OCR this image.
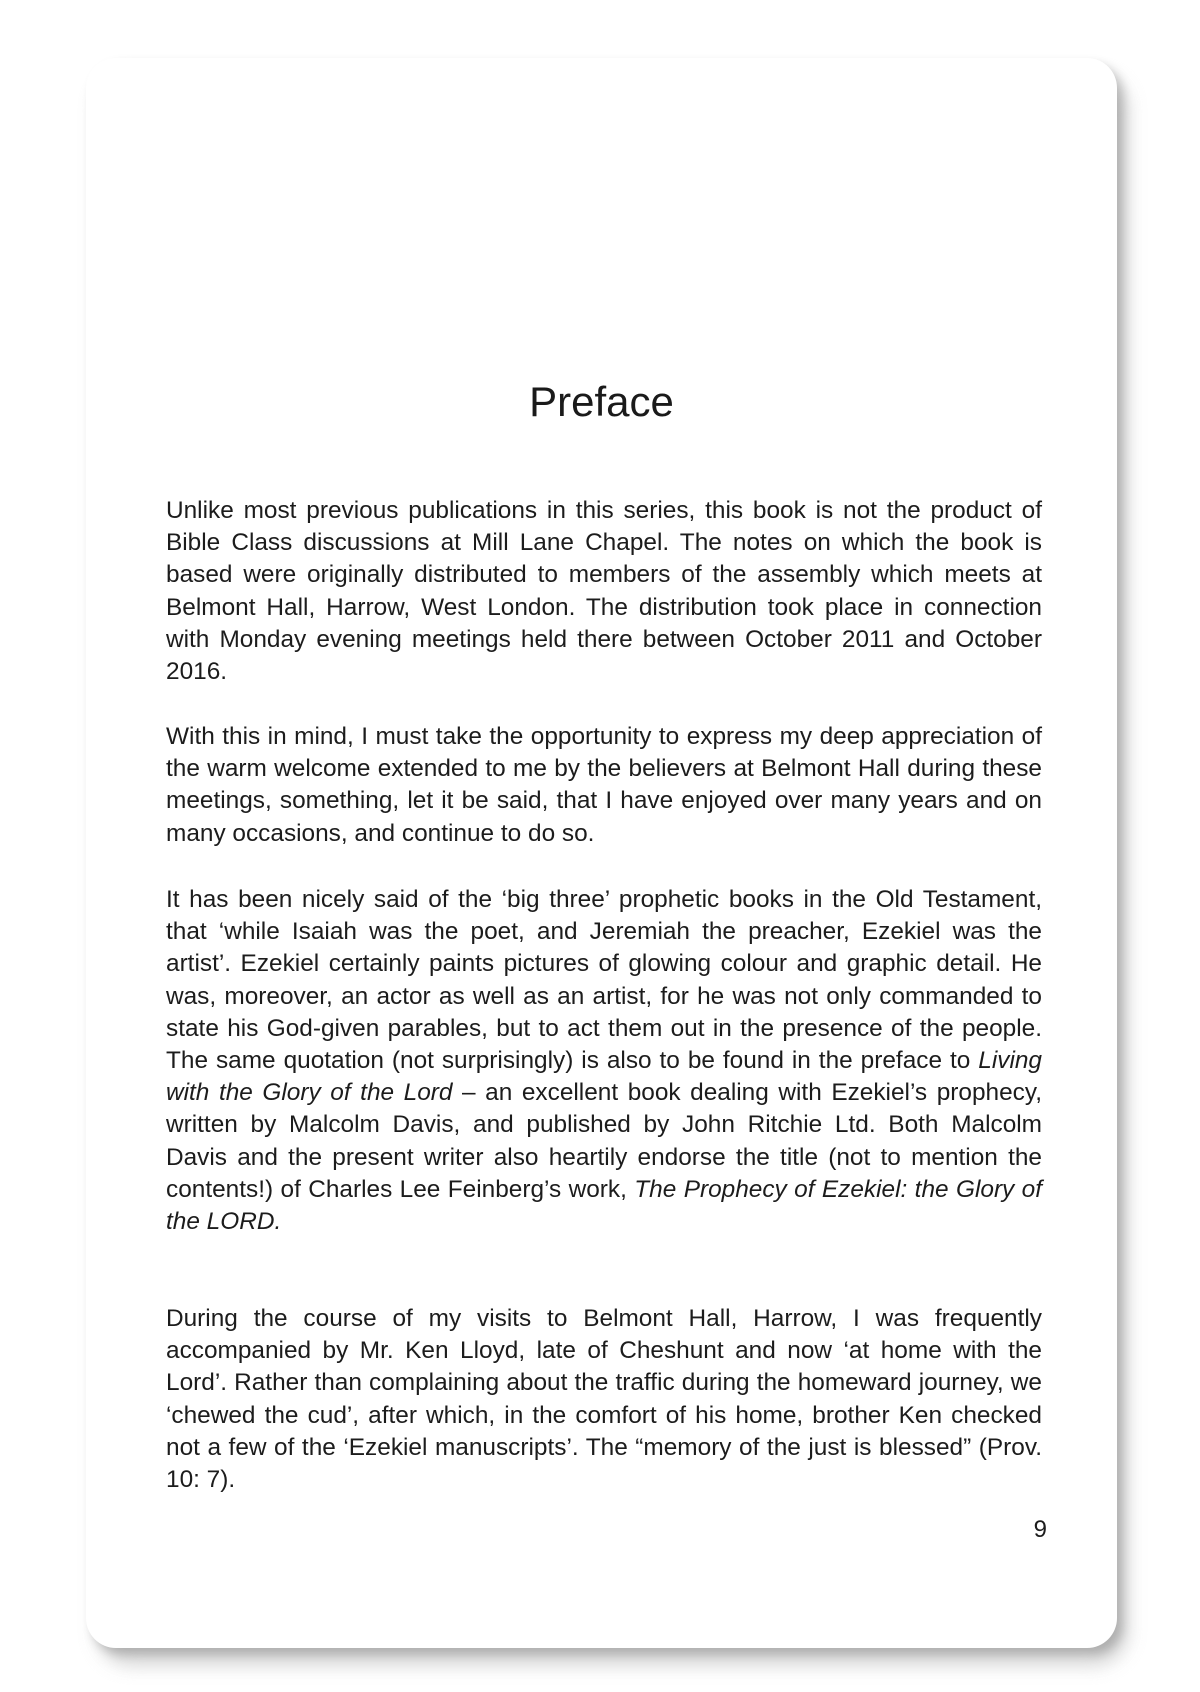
Preface

Unlike most previous publications in this series, this book is not the product of Bible Class discussions at Mill Lane Chapel. The notes on which the book is based were originally distributed to members of the assembly which meets at Belmont Hall, Harrow, West London. The distribution took place in connection with Monday evening meetings held there between October 2011 and October 2016.

With this in mind, I must take the opportunity to express my deep appreciation of the warm welcome extended to me by the believers at Belmont Hall during these meetings, something, let it be said, that I have enjoyed over many years and on many occasions, and continue to do so.

It has been nicely said of the ‘big three’ prophetic books in the Old Testament, that ‘while Isaiah was the poet, and Jeremiah the preacher, Ezekiel was the artist’. Ezekiel certainly paints pictures of glowing colour and graphic detail. He was, moreover, an actor as well as an artist, for he was not only commanded to state his God-given parables, but to act them out in the presence of the people. The same quotation (not surprisingly) is also to be found in the preface to Living with the Glory of the Lord – an excellent book dealing with Ezekiel’s prophecy, written by Malcolm Davis, and published by John Ritchie Ltd. Both Malcolm Davis and the present writer also heartily endorse the title (not to mention the contents!) of Charles Lee Feinberg’s work, The Prophecy of Ezekiel: the Glory of the LORD.

During the course of my visits to Belmont Hall, Harrow, I was frequently accompanied by Mr. Ken Lloyd, late of Cheshunt and now ‘at home with the Lord’. Rather than complaining about the traffic during the homeward journey, we ‘chewed the cud’, after which, in the comfort of his home, brother Ken checked not a few of the ‘Ezekiel manuscripts’. The “memory of the just is blessed” (Prov. 10: 7).

9
